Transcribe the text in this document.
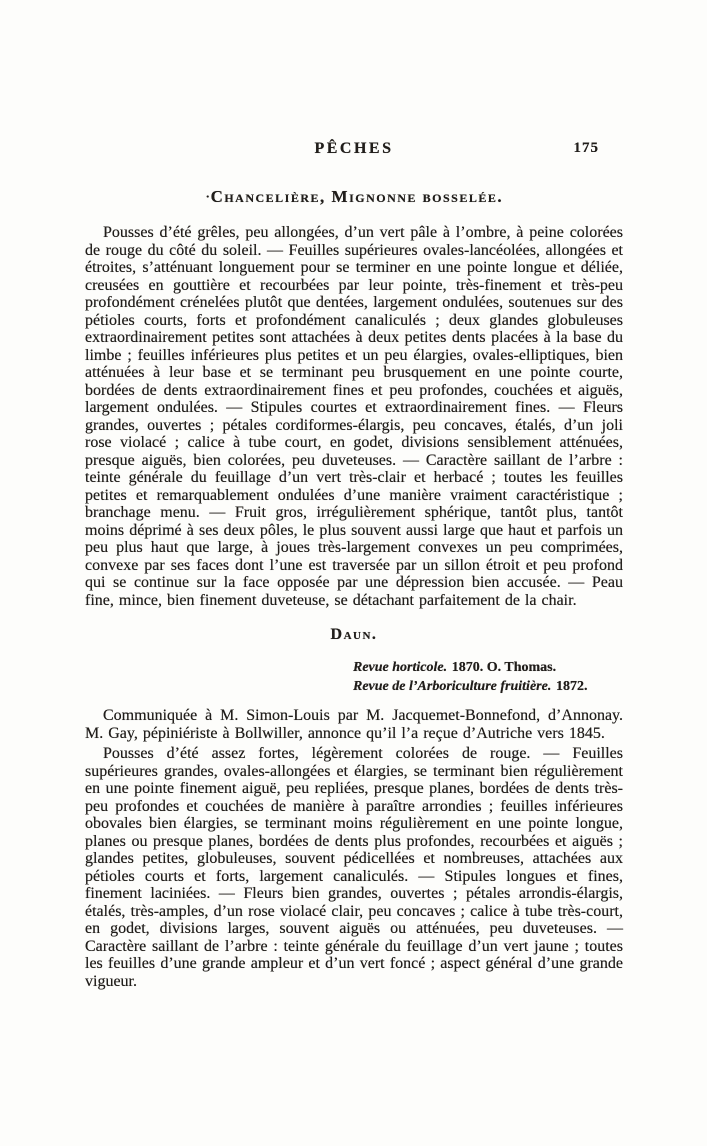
PÊCHES	175
·Chancelière, Mignonne bosselée.

Pousses d’été grêles, peu allongées, d’un vert pâle à l’ombre, à peine colorées de rouge du côté du soleil. — Feuilles supérieures ovales-lancéolées, allongées et étroites, s’atténuant longuement pour se terminer en une pointe longue et déliée, creusées en gouttière et recourbées par leur pointe, très-finement et très-peu profondément crénelées plutôt que dentées, largement ondulées, soutenues sur des pétioles courts, forts et profondément canaliculés ; deux glandes globuleuses extraordinairement petites sont attachées à deux petites dents placées à la base du limbe ; feuilles inférieures plus petites et un peu élargies, ovales-elliptiques, bien atténuées à leur base et se terminant peu brusquement en une pointe courte, bordées de dents extraordinairement fines et peu profondes, couchées et aiguës, largement ondulées. — Stipules courtes et extraordinairement fines. — Fleurs grandes, ouvertes ; pétales cordiformes-élargis, peu concaves, étalés, d’un joli rose violacé ; calice à tube court, en godet, divisions sensiblement atténuées, presque aiguës, bien colorées, peu duveteuses. — Caractère saillant de l’arbre : teinte générale du feuillage d’un vert très-clair et herbacé ; toutes les feuilles petites et remarquablement ondulées d’une manière vraiment caractéristique ; branchage menu. — Fruit gros, irrégulièrement sphérique, tantôt plus, tantôt moins déprimé à ses deux pôles, le plus souvent aussi large que haut et parfois un peu plus haut que large, à joues très-largement convexes un peu comprimées, convexe par ses faces dont l’une est traversée par un sillon étroit et peu profond qui se continue sur la face opposée par une dépression bien accusée. — Peau fine, mince, bien finement duveteuse, se détachant parfaitement de la chair.

Daun.
Revue horticole. 1870. O. Thomas.
Revue de l’Arboriculture fruitière. 1872.

Communiquée à M. Simon-Louis par M. Jacquemet-Bonnefond, d’Annonay. M. Gay, pépiniériste à Bollwiller, annonce qu’il l’a reçue d’Autriche vers 1845.

Pousses d’été assez fortes, légèrement colorées de rouge. — Feuilles supérieures grandes, ovales-allongées et élargies, se terminant bien régulièrement en une pointe finement aiguë, peu repliées, presque planes, bordées de dents très-peu profondes et couchées de manière à paraître arrondies ; feuilles inférieures obovales bien élargies, se terminant moins régulièrement en une pointe longue, planes ou presque planes, bordées de dents plus profondes, recourbées et aiguës ; glandes petites, globuleuses, souvent pédicellées et nombreuses, attachées aux pétioles courts et forts, largement canaliculés. — Stipules longues et fines, finement laciniées. — Fleurs bien grandes, ouvertes ; pétales arrondis-élargis, étalés, très-amples, d’un rose violacé clair, peu concaves ; calice à tube très-court, en godet, divisions larges, souvent aiguës ou atténuées, peu duveteuses. — Caractère saillant de l’arbre : teinte générale du feuillage d’un vert jaune ; toutes les feuilles d’une grande ampleur et d’un vert foncé ; aspect général d’une grande vigueur.
